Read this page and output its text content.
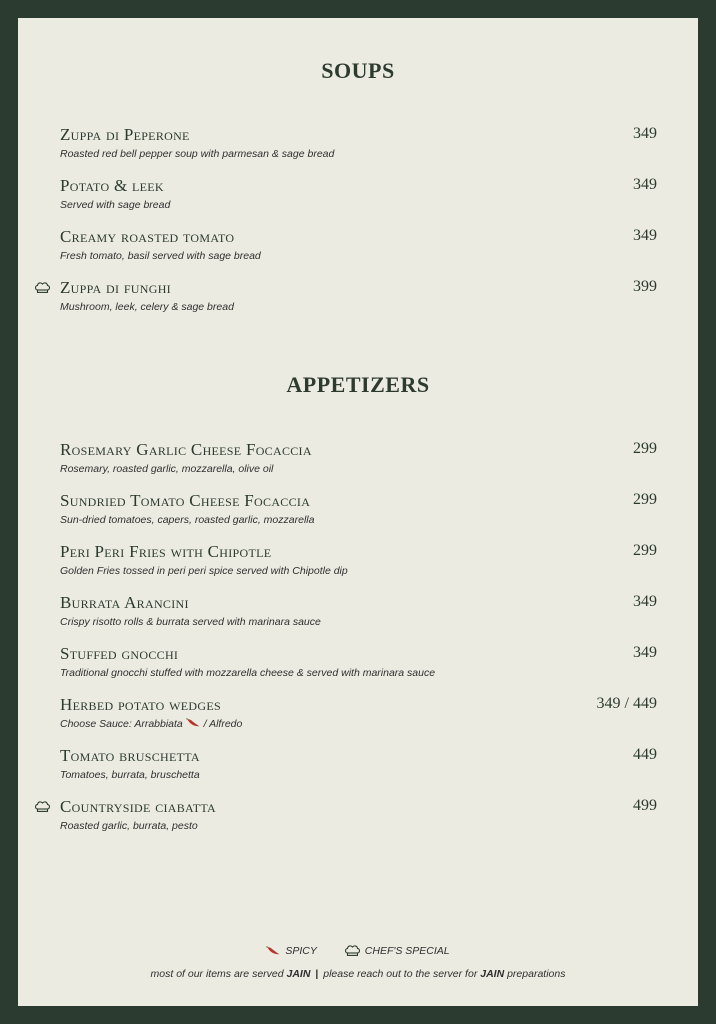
SOUPS
Zuppa di Peperone	349
Roasted red bell pepper soup with parmesan & sage bread
Potato & leek	349
Served with sage bread
Creamy roasted tomato	349
Fresh tomato, basil served with sage bread
Zuppa di funghi	399
Mushroom, leek, celery & sage bread
APPETIZERS
Rosemary Garlic Cheese Focaccia	299
Rosemary, roasted garlic, mozzarella, olive oil
Sundried Tomato Cheese Focaccia	299
Sun-dried tomatoes, capers, roasted garlic, mozzarella
Peri Peri Fries with Chipotle	299
Golden Fries tossed in peri peri spice served with Chipotle dip
Burrata Arancini	349
Crispy risotto rolls & burrata served with marinara sauce
Stuffed gnocchi	349
Traditional gnocchi stuffed with mozzarella cheese & served with marinara sauce
Herbed potato wedges	349 / 449
Choose Sauce: Arrabbiata / Alfredo
Tomato bruschetta	449
Tomatoes, burrata, bruschetta
Countryside ciabatta	499
Roasted garlic, burrata, pesto
SPICY	CHEF'S SPECIAL
most of our items are served JAIN | please reach out to the server for JAIN preparations
